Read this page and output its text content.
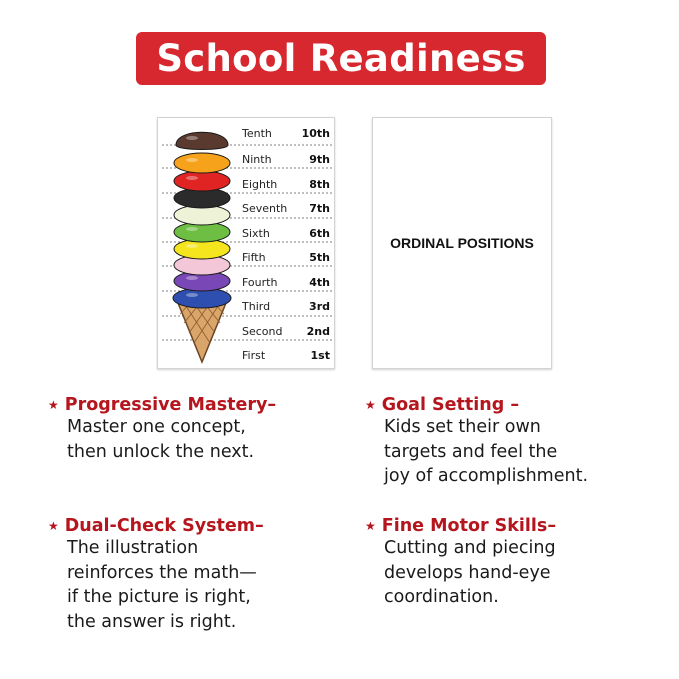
School Readiness
Tenth	10th
Ninth	9th
Eighth	8th
Seventh 7th
Sixth	6th
Fifth	5th
Fourth	4th
Third	3rd
Second 2nd
First	1st
ORDINAL POSITIONS
★ Progressive Mastery–
Master one concept,
then unlock the next.
★ Goal Setting –
Kids set their own
targets and feel the
joy of accomplishment.
★ Dual-Check System–
The illustration
reinforces the math—
if the picture is right,
the answer is right.
★ Fine Motor Skills–
Cutting and piecing
develops hand-eye
coordination.
